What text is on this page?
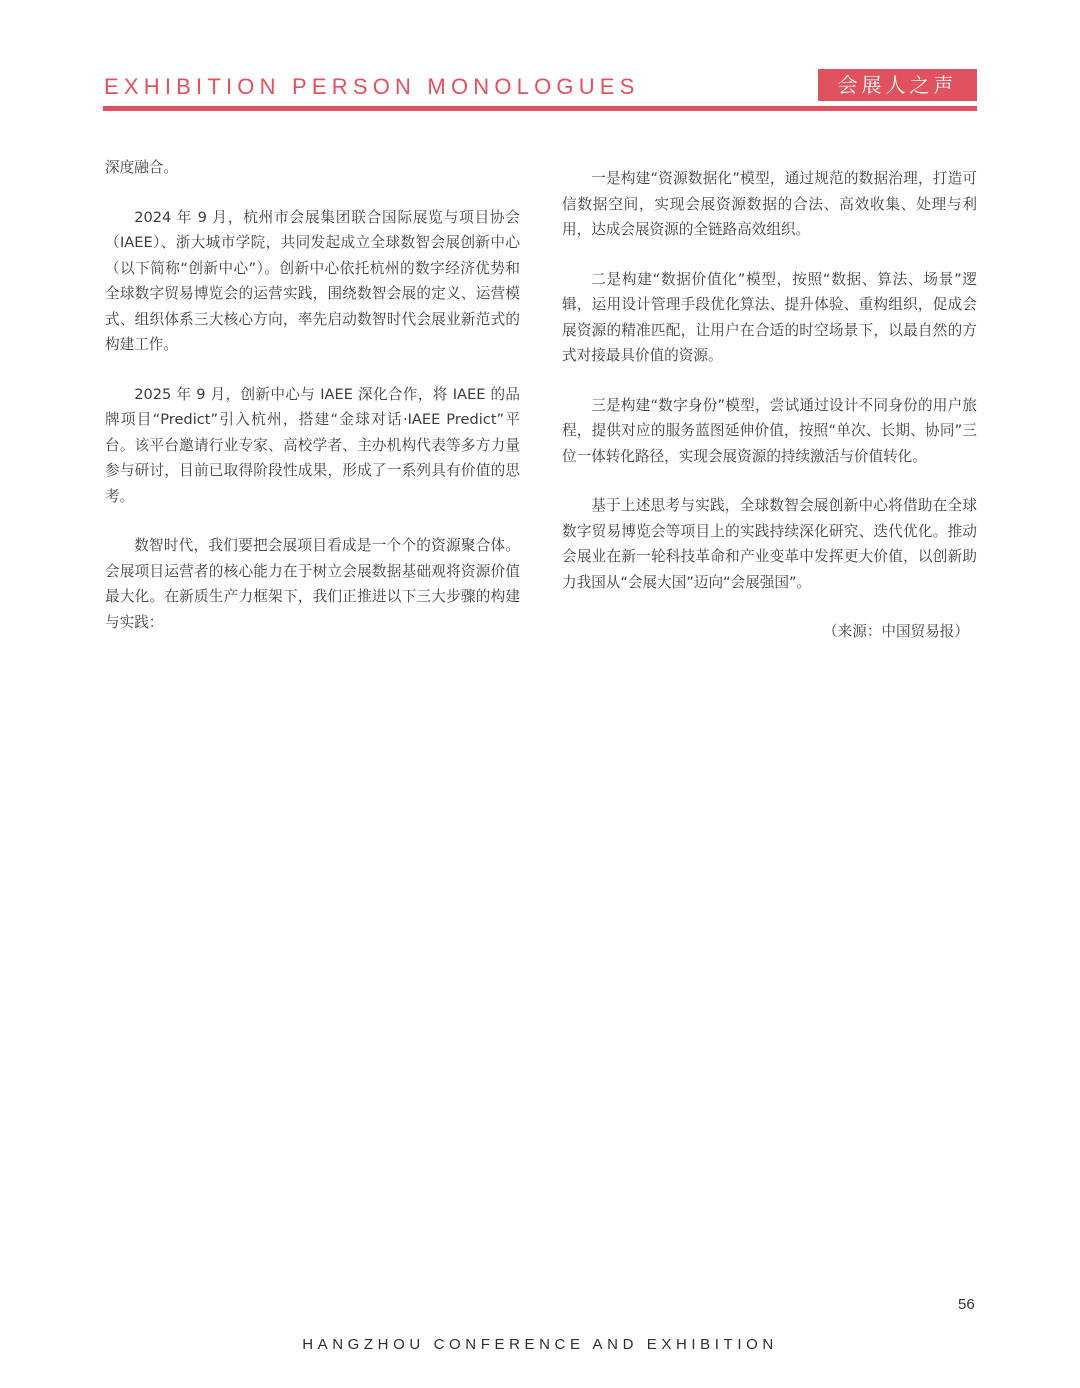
EXHIBITION PERSON MONOLOGUES	会展人之声

深度融合。

2024 年 9 月，杭州市会展集团联合国际展览与项目协会（IAEE）、浙大城市学院，共同发起成立全球数智会展创新中心（以下简称“创新中心”）。创新中心依托杭州的数字经济优势和全球数字贸易博览会的运营实践，围绕数智会展的定义、运营模式、组织体系三大核心方向，率先启动数智时代会展业新范式的构建工作。

2025 年 9 月，创新中心与 IAEE 深化合作，将 IAEE 的品牌项目“Predict”引入杭州，搭建“金球对话·IAEE Predict”平台。该平台邀请行业专家、高校学者、主办机构代表等多方力量参与研讨，目前已取得阶段性成果，形成了一系列具有价值的思考。

数智时代，我们要把会展项目看成是一个个的资源聚合体。会展项目运营者的核心能力在于树立会展数据基础观将资源价值最大化。在新质生产力框架下，我们正推进以下三大步骤的构建与实践：

一是构建“资源数据化”模型，通过规范的数据治理，打造可信数据空间，实现会展资源数据的合法、高效收集、处理与利用，达成会展资源的全链路高效组织。

二是构建“数据价值化”模型，按照“数据、算法、场景”逻辑，运用设计管理手段优化算法、提升体验、重构组织，促成会展资源的精准匹配，让用户在合适的时空场景下，以最自然的方式对接最具价值的资源。

三是构建“数字身份”模型，尝试通过设计不同身份的用户旅程，提供对应的服务蓝图延伸价值，按照“单次、长期、协同”三位一体转化路径，实现会展资源的持续激活与价值转化。

基于上述思考与实践，全球数智会展创新中心将借助在全球数字贸易博览会等项目上的实践持续深化研究、迭代优化。推动会展业在新一轮科技革命和产业变革中发挥更大价值，以创新助力我国从“会展大国”迈向“会展强国”。

（来源：中国贸易报）

56
HANGZHOU CONFERENCE AND EXHIBITION
